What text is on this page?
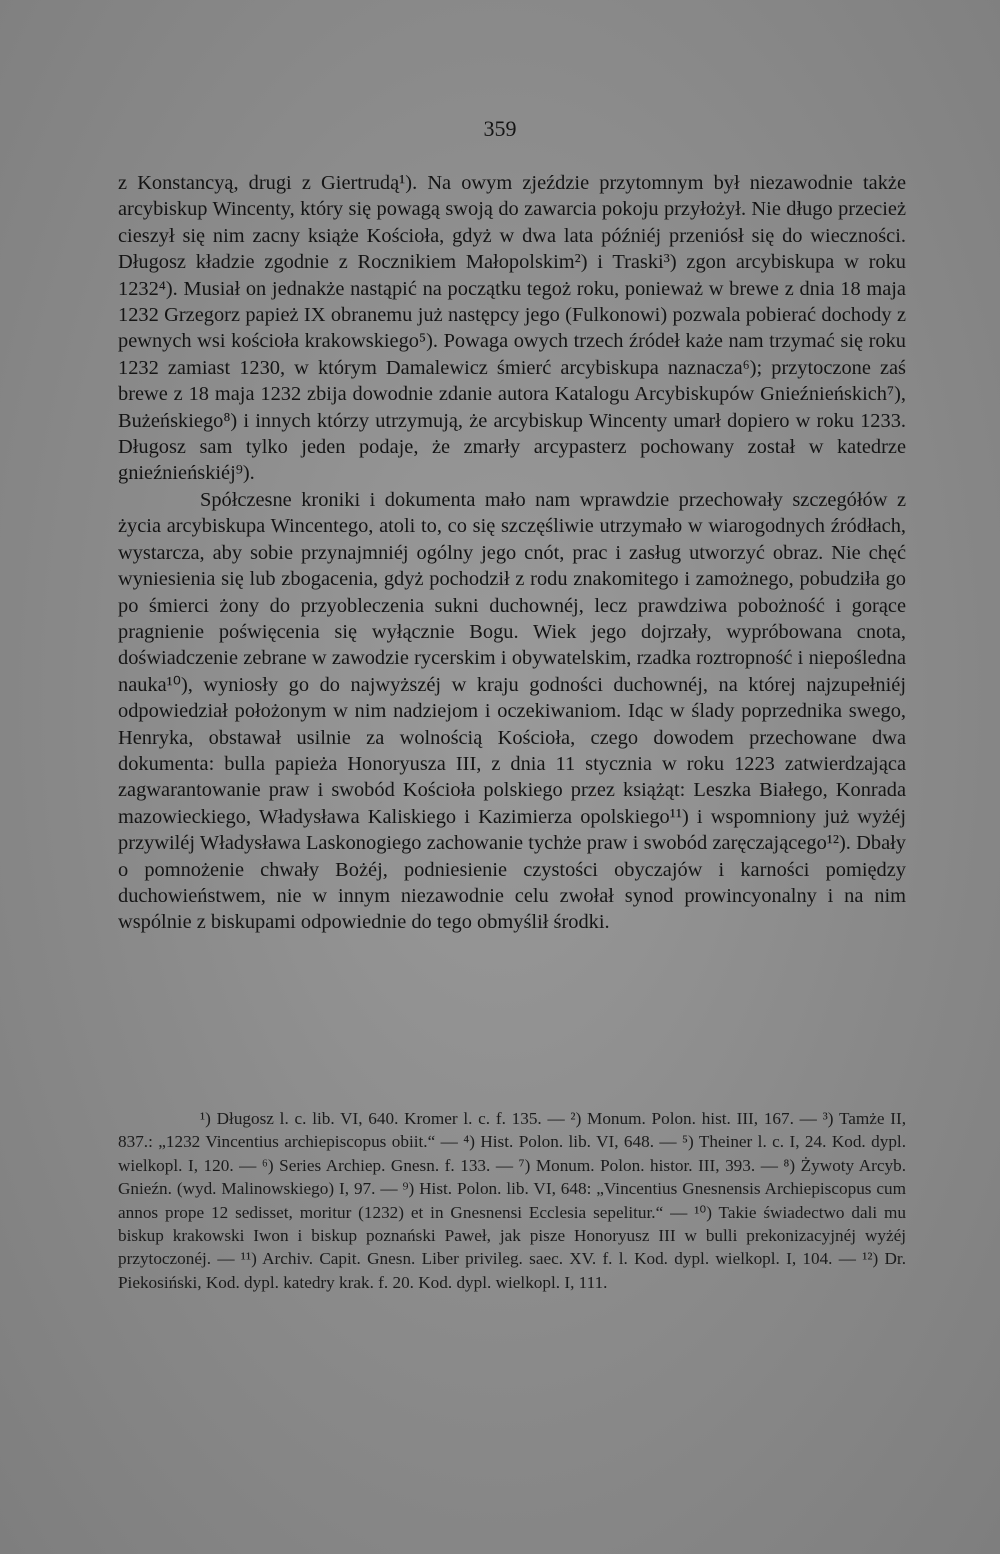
359

z Konstancyą, drugi z Giertrudą¹). Na owym zjeździe przytomnym był niezawodnie także arcybiskup Wincenty, który się powagą swoją do zawarcia pokoju przyłożył. Nie długo przecież cieszył się nim zacny książe Kościoła, gdyż w dwa lata późniéj przeniósł się do wieczności. Długosz kładzie zgodnie z Rocznikiem Małopolskim²) i Traski³) zgon arcybiskupa w roku 1232⁴). Musiał on jednakże nastąpić na początku tegoż roku, ponieważ w brewe z dnia 18 maja 1232 Grzegorz papież IX obranemu już następcy jego (Fulkonowi) pozwala pobierać dochody z pewnych wsi kościoła krakowskiego⁵). Powaga owych trzech źródeł każe nam trzymać się roku 1232 zamiast 1230, w którym Damalewicz śmierć arcybiskupa naznacza⁶); przytoczone zaś brewe z 18 maja 1232 zbija dowodnie zdanie autora Katalogu Arcybiskupów Gnieźnieńskich⁷), Bużeńskiego⁸) i innych którzy utrzymują, że arcybiskup Wincenty umarł dopiero w roku 1233. Długosz sam tylko jeden podaje, że zmarły arcypasterz pochowany został w katedrze gnieźnieńskiéj⁹).

Spółczesne kroniki i dokumenta mało nam wprawdzie przechowały szczegółów z życia arcybiskupa Wincentego, atoli to, co się szczęśliwie utrzymało w wiarogodnych źródłach, wystarcza, aby sobie przynajmniéj ogólny jego cnót, prac i zasług utworzyć obraz. Nie chęć wyniesienia się lub zbogacenia, gdyż pochodził z rodu znakomitego i zamożnego, pobudziła go po śmierci żony do przyobleczenia sukni duchownéj, lecz prawdziwa pobożność i gorące pragnienie poświęcenia się wyłącznie Bogu. Wiek jego dojrzały, wypróbowana cnota, doświadczenie zebrane w zawodzie rycerskim i obywatelskim, rzadka roztropność i niepośledna nauka¹⁰), wyniosły go do najwyższéj w kraju godności duchownéj, na której najzupełniéj odpowiedział położonym w nim nadziejom i oczekiwaniom. Idąc w ślady poprzednika swego, Henryka, obstawał usilnie za wolnością Kościoła, czego dowodem przechowane dwa dokumenta: bulla papieża Honoryusza III, z dnia 11 stycznia w roku 1223 zatwierdzająca zagwarantowanie praw i swobód Kościoła polskiego przez książąt: Leszka Białego, Konrada mazowieckiego, Władysława Kaliskiego i Kazimierza opolskiego¹¹) i wspomniony już wyżéj przywiléj Władysława Laskonogiego zachowanie tychże praw i swobód zaręczającego¹²). Dbały o pomnożenie chwały Bożéj, podniesienie czystości obyczajów i karności pomiędzy duchowieństwem, nie w innym niezawodnie celu zwołał synod prowincyonalny i na nim wspólnie z biskupami odpowiednie do tego obmyślił środki.

¹) Długosz l. c. lib. VI, 640. Kromer l. c. f. 135. — ²) Monum. Polon. hist. III, 167. — ³) Tamże II, 837.: „1232 Vincentius archiepiscopus obiit.“ — ⁴) Hist. Polon. lib. VI, 648. — ⁵) Theiner l. c. I, 24. Kod. dypl. wielkopl. I, 120. — ⁶) Series Archiep. Gnesn. f. 133. — ⁷) Monum. Polon. histor. III, 393. — ⁸) Żywoty Arcyb. Gnieźn. (wyd. Malinowskiego) I, 97. — ⁹) Hist. Polon. lib. VI, 648: „Vincentius Gnesnensis Archiepiscopus cum annos prope 12 sedisset, moritur (1232) et in Gnesnensi Ecclesia sepelitur.“ — ¹⁰) Takie świadectwo dali mu biskup krakowski Iwon i biskup poznański Paweł, jak pisze Honoryusz III w bulli prekonizacyjnéj wyżéj przytoczonéj. — ¹¹) Archiv. Capit. Gnesn. Liber privileg. saec. XV. f. l. Kod. dypl. wielkopl. I, 104. — ¹²) Dr. Piekosiński, Kod. dypl. katedry krak. f. 20. Kod. dypl. wielkopl. I, 111.
